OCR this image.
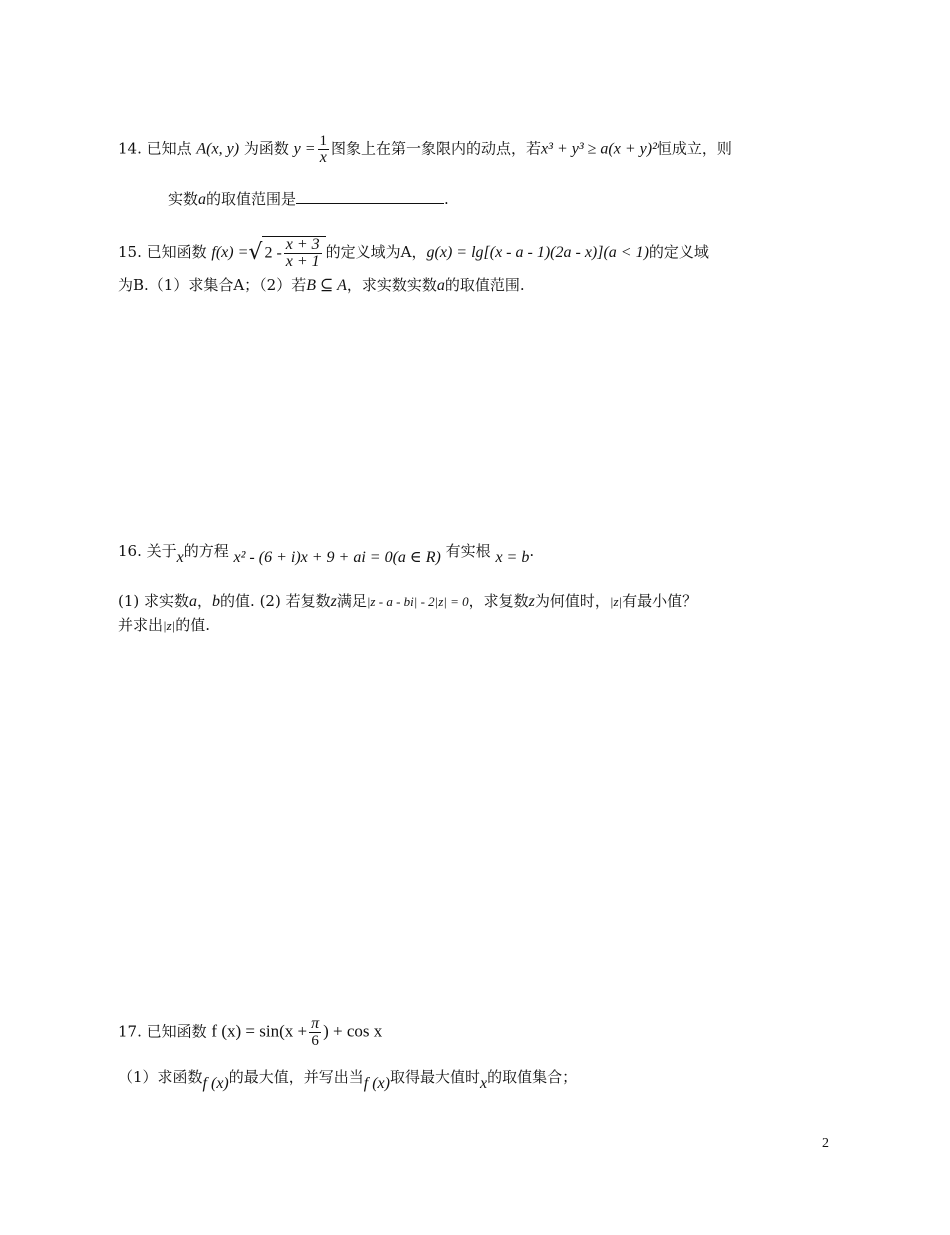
14. 已知点 A(x, y) 为函数 $y = \frac{1}{x}$ 图象上在第一象限内的动点，若x³ + y³ ≥ a(x + y)²恒成立，则
实数a的取值范围是	.
15. 已知函数 f(x) =√ $2 - \frac{x + 3}{x + 1}$ 的定义域为A，g(x) = lg[(x - a - 1)(2a - x)](a < 1)的定义域
为B.（1）求集合A；（2）若B ⊆ A，求实数实数a的取值范围.
16. 关于x的方程 x² - (6 + i)x + 9 + ai = 0(a ∈ R) 有实根 x = b.
(1) 求实数a，b的值. (2) 若复数z满足|z - a - bi| - 2|z| = 0，求复数z为何值时，|z|有最小值？
并求出|z|的值.
17. 已知函数 f $(x) = \sin(x + \frac{\pi}{6}$ ) + cos x
（1）求函数f (x)的最大值，并写出当f (x)取得最大值时x的取值集合；
2
